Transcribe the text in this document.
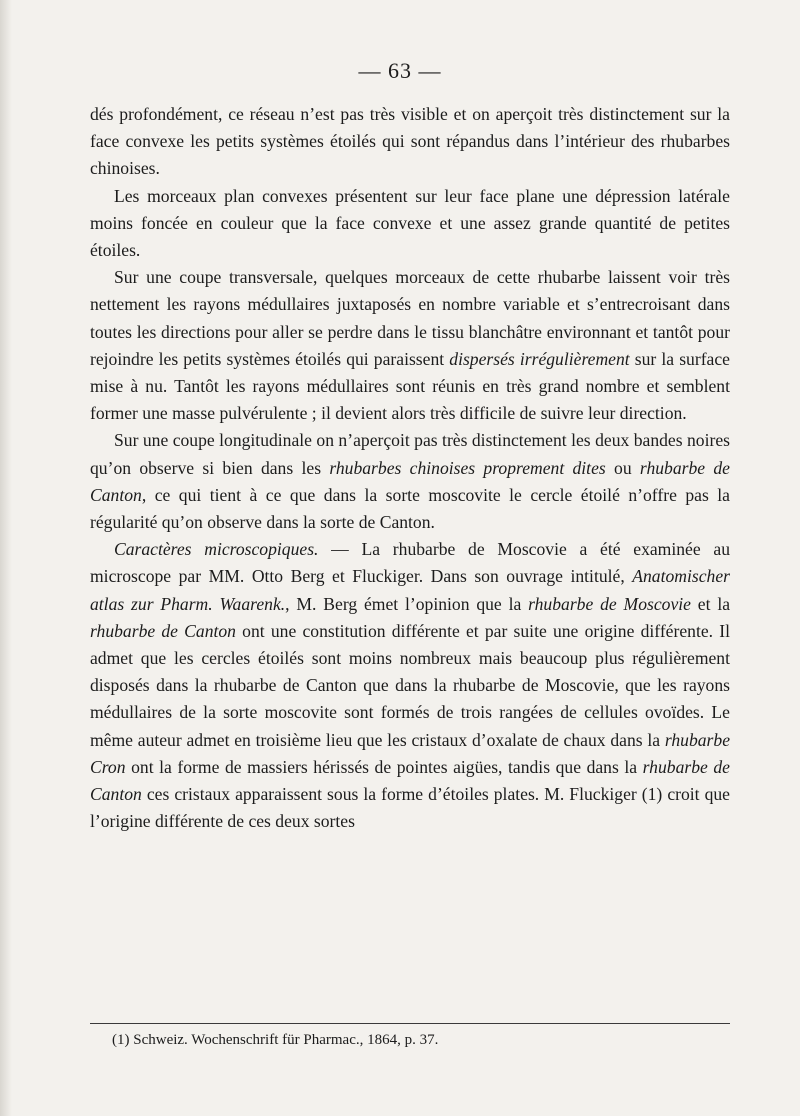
— 63 —

dés profondément, ce réseau n’est pas très visible et on aperçoit très distinctement sur la face convexe les petits systèmes étoilés qui sont répandus dans l’intérieur des rhubarbes chinoises.

Les morceaux plan convexes présentent sur leur face plane une dépression latérale moins foncée en couleur que la face convexe et une assez grande quantité de petites étoiles.

Sur une coupe transversale, quelques morceaux de cette rhubarbe laissent voir très nettement les rayons médullaires juxtaposés en nombre variable et s’entrecroisant dans toutes les directions pour aller se perdre dans le tissu blanchâtre environnant et tantôt pour rejoindre les petits systèmes étoilés qui paraissent dispersés irrégulièrement sur la surface mise à nu. Tantôt les rayons médullaires sont réunis en très grand nombre et semblent former une masse pulvérulente ; il devient alors très difficile de suivre leur direction.

Sur une coupe longitudinale on n’aperçoit pas très distinctement les deux bandes noires qu’on observe si bien dans les rhubarbes chinoises proprement dites ou rhubarbe de Canton, ce qui tient à ce que dans la sorte moscovite le cercle étoilé n’offre pas la régularité qu’on observe dans la sorte de Canton.

Caractères microscopiques. — La rhubarbe de Moscovie a été examinée au microscope par MM. Otto Berg et Fluckiger. Dans son ouvrage intitulé, Anatomischer atlas zur Pharm. Waarenk., M. Berg émet l’opinion que la rhubarbe de Moscovie et la rhubarbe de Canton ont une constitution différente et par suite une origine différente. Il admet que les cercles étoilés sont moins nombreux mais beaucoup plus régulièrement disposés dans la rhubarbe de Canton que dans la rhubarbe de Moscovie, que les rayons médullaires de la sorte moscovite sont formés de trois rangées de cellules ovoïdes. Le même auteur admet en troisième lieu que les cristaux d’oxalate de chaux dans la rhubarbe Cron ont la forme de massiers hérissés de pointes aigües, tandis que dans la rhubarbe de Canton ces cristaux apparaissent sous la forme d’étoiles plates. M. Fluckiger (1) croit que l’origine différente de ces deux sortes

(1) Schweiz. Wochenschrift für Pharmac., 1864, p. 37.
